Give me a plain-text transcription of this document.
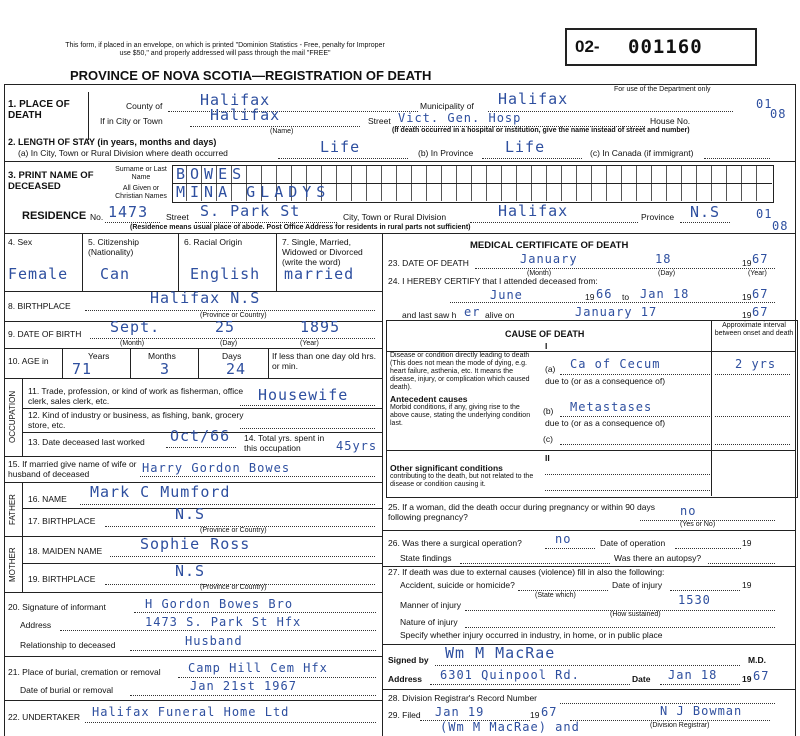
This form, if placed in an envelope, on which is printed "Dominion Statistics - Free, penalty for Improper use $50," and properly addressed will pass through the mail "FREE"
PROVINCE OF NOVA SCOTIA—REGISTRATION OF DEATH
02- 001160
For use of the Department only
01
08
1. PLACE OF DEATH
County of	Halifax	Municipality of Halifax
If in City or Town	Halifax	Street Vict. Gen. Hosp	House No.
(Name)	(If death occurred in a hospital or institution, give the name instead of street and number)
2. LENGTH OF STAY (in years, months and days)
(a) In City, Town or Rural Division where death occurred	Life	(b) In Province Life	(c) In Canada (if immigrant)
3. PRINT NAME OF DECEASED
Surname or Last Name
All Given or Christian Names
BOWES
MINA GLADYS
RESIDENCE No. 1473 Street S. Park St	City, Town or Rural Division	Halifax	Province N.S	01
08
(Residence means usual place of abode. Post Office Address for residents in rural parts not sufficient)
4. Sex	5. Citizenship (Nationality)
6. Racial Origin	7. Single, Married, Widowed or Divorced (write the word)
Female Can	English married
8. BIRTHPLACE	Halifax N.S
(Province or Country)
9. DATE OF BIRTH Sept.	25	1895
(Month)	(Day)	(Year)
10. AGE in	Years	Months	Days	If less than one day old hrs. or min.
71	3	24
OCCUPATION 11. Trade, profession, or kind of work as fisherman, office clerk, sales clerk, etc.	Housewife
12. Kind of industry or business, as fishing, bank, grocery store, etc.
13. Date deceased last worked Oct/66 14. Total yrs. spent in this occupation	45yrs
15. If married give name of wife or husband of deceased	Harry Gordon Bowes
FATHER 16. NAME Mark C Mumford
17. BIRTHPLACE	N.S
(Province or Country)
MOTHER 18. MAIDEN NAME	Sophie Ross
19. BIRTHPLACE	N.S
(Province or Country)
20. Signature of informant	H Gordon Bowes Bro
Address	1473 S. Park St Hfx
Relationship to deceased	Husband
21. Place of burial, cremation or removal Camp Hill Cem Hfx
Date of burial or removal	Jan 21st 1967
22. UNDERTAKER Halifax Funeral Home Ltd
MEDICAL CERTIFICATE OF DEATH
23. DATE OF DEATH	January	18	19 67
(Month)	(Day)	(Year)
24. I HEREBY CERTIFY that I attended deceased from:
June	19 66 to Jan 18	19 67
and last saw h er alive on	January 17	19 67
CAUSE OF DEATH
Approximate interval between onset and death
I
Disease or condition directly leading to death (This does not mean the mode of dying, e.g. heart failure, asthenia, etc. It means the disease, injury, or complication which caused death).
(a) Ca of Cecum	2 yrs
due to (or as a consequence of)
Antecedent causes
Morbid conditions, if any, giving rise to the above cause, stating the underlying condition last.
(b) Metastases
due to (or as a consequence of)
(c)
II
Other significant conditions
contributing to the death, but not related to the disease or condition causing it.
25. If a woman, did the death occur during pregnancy or within 90 days following pregnancy?	no
(Yes or No)
26. Was there a surgical operation?	no	Date of operation	19
State findings	Was there an autopsy?
27. If death was due to external causes (violence) fill in also the following:
Accident, suicide or homicide?
(State which)
Date of injury	19
Manner of injury	1530
(How sustained)
Nature of injury
Specify whether injury occurred in industry, in home, or in public place
Signed by Wm M MacRae	M.D.
Address 6301 Quinpool Rd.	Date Jan 18	19 67
28. Division Registrar's Record Number
29. Filed Jan 19	19 67	N J Bowman
(Division Registrar)
(Wm M MacRae) and
